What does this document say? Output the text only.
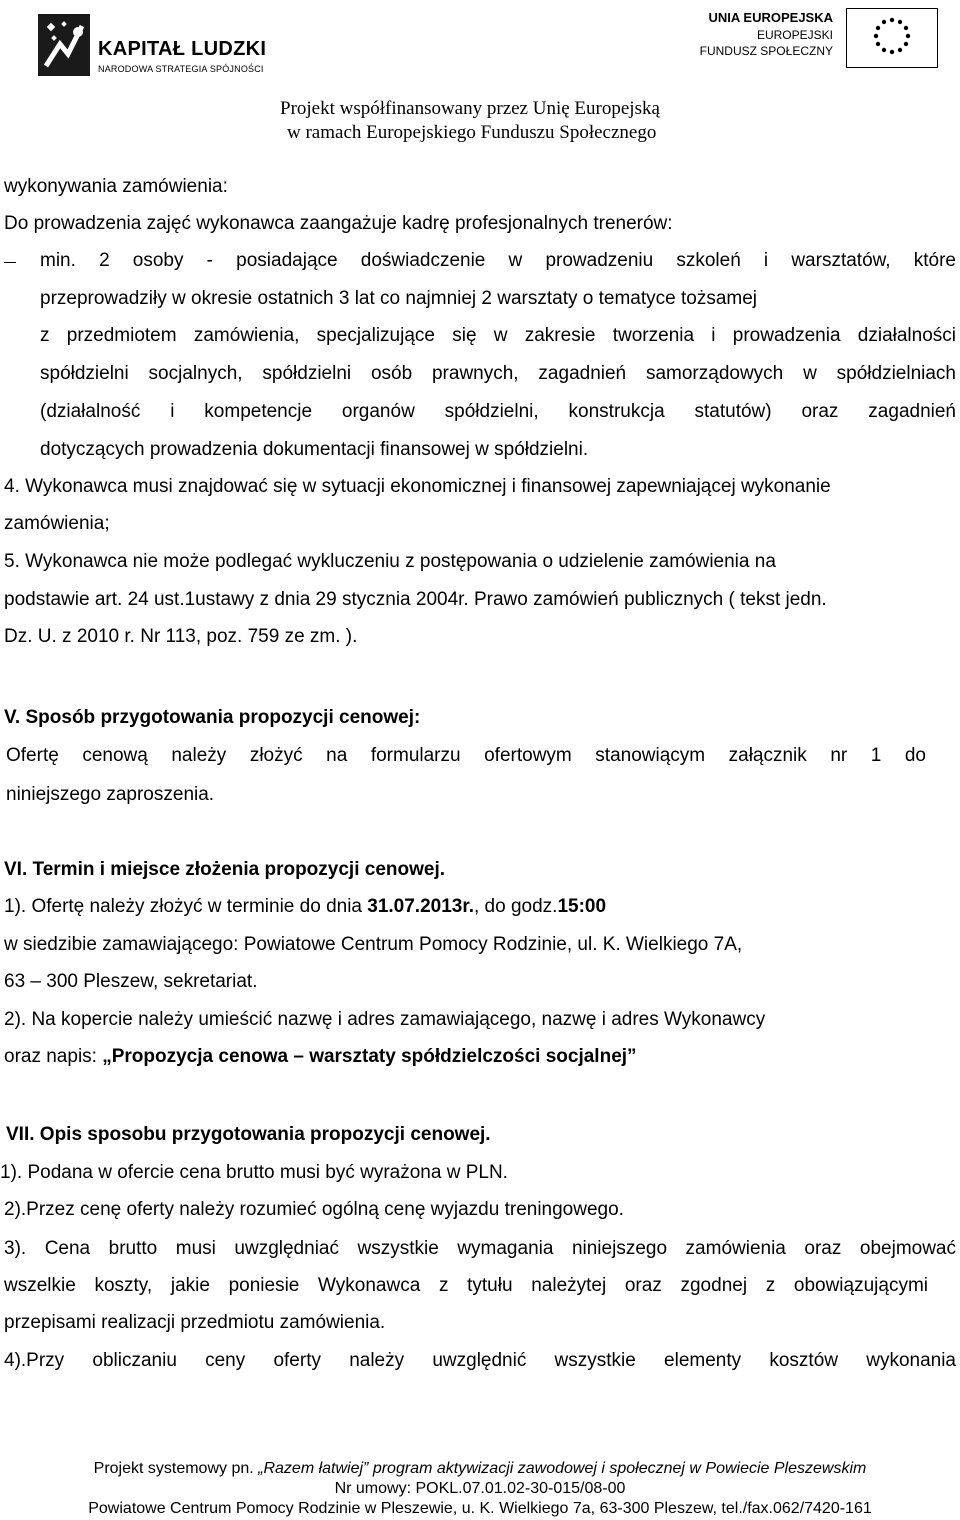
KAPITAŁ LUDZKI
NARODOWA STRATEGIA SPÓJNOŚCI
UNIA EUROPEJSKA
EUROPEJSKI
FUNDUSZ SPOŁECZNY
Projekt współfinansowany przez Unię Europejską
w ramach Europejskiego Funduszu Społecznego
wykonywania zamówienia:
Do prowadzenia zajęć wykonawca zaangażuje kadrę profesjonalnych trenerów:
min. 2 osoby - posiadające doświadczenie w prowadzeniu szkoleń i warsztatów, które
przeprowadziły w okresie ostatnich 3 lat co najmniej 2 warsztaty o tematyce tożsamej
z przedmiotem zamówienia, specjalizujące się w zakresie tworzenia i prowadzenia działalności
spółdzielni socjalnych, spółdzielni osób prawnych, zagadnień samorządowych w spółdzielniach
(działalność i kompetencje organów spółdzielni, konstrukcja statutów) oraz zagadnień
dotyczących prowadzenia dokumentacji finansowej w spółdzielni.
4. Wykonawca musi znajdować się w sytuacji ekonomicznej i finansowej zapewniającej wykonanie
zamówienia;
5. Wykonawca nie może podlegać wykluczeniu z postępowania o udzielenie zamówienia na
podstawie art. 24 ust.1ustawy z dnia 29 stycznia 2004r. Prawo zamówień publicznych ( tekst jedn.
Dz. U. z 2010 r. Nr 113, poz. 759 ze zm. ).
V. Sposób przygotowania propozycji cenowej:
Ofertę cenową należy złożyć na formularzu ofertowym stanowiącym załącznik nr 1 do
niniejszego zaproszenia.
VI. Termin i miejsce złożenia propozycji cenowej.
1). Ofertę należy złożyć w terminie do dnia 31.07.2013r., do godz.15:00
w siedzibie zamawiającego: Powiatowe Centrum Pomocy Rodzinie, ul. K. Wielkiego 7A,
63 – 300 Pleszew, sekretariat.
2). Na kopercie należy umieścić nazwę i adres zamawiającego, nazwę i adres Wykonawcy
oraz napis: „Propozycja cenowa – warsztaty spółdzielczości socjalnej”
VII. Opis sposobu przygotowania propozycji cenowej.
1). Podana w ofercie cena brutto musi być wyrażona w PLN.
2).Przez cenę oferty należy rozumieć ogólną cenę wyjazdu treningowego.
3). Cena brutto musi uwzględniać wszystkie wymagania niniejszego zamówienia oraz obejmować
wszelkie koszty, jakie poniesie Wykonawca z tytułu należytej oraz zgodnej z obowiązującymi
przepisami realizacji przedmiotu zamówienia.
4).Przy obliczaniu ceny oferty należy uwzględnić wszystkie elementy kosztów wykonania
Projekt systemowy pn. „Razem łatwiej” program aktywizacji zawodowej i społecznej w Powiecie Pleszewskim
Nr umowy: POKL.07.01.02-30-015/08-00
Powiatowe Centrum Pomocy Rodzinie w Pleszewie, u. K. Wielkiego 7a, 63-300 Pleszew, tel./fax.062/7420-161
